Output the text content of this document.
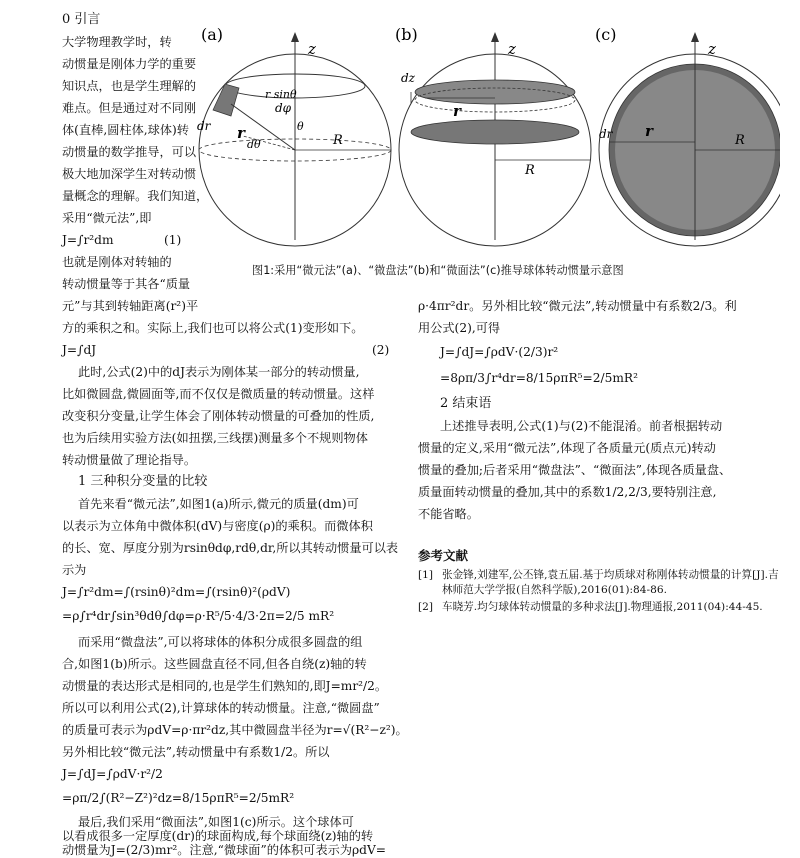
0 引言
大学物理教学时，转
动惯量是刚体力学的重要
知识点，也是学生理解的
难点。但是通过对不同刚
体(直棒,圆柱体,球体)转
动惯量的数学推导，可以
极大地加深学生对转动惯
量概念的理解。我们知道，
采用“微元法”,即
J=∫r²dm	(1)
也就是刚体对转轴的
转动惯量等于其各“质量
元”与其到转轴距离(r²)平
方的乘积之和。实际上,我们也可以将公式(1)变形如下。
J=∫dJ	(2)
此时,公式(2)中的dJ表示为刚体某一部分的转动惯量,
比如微圆盘,微圆面等,而不仅仅是微质量的转动惯量。这样
改变积分变量,让学生体会了刚体转动惯量的可叠加的性质,
也为后续用实验方法(如扭摆,三线摆)测量多个不规则物体
转动惯量做了理论指导。
1 三种积分变量的比较
首先来看“微元法”,如图1(a)所示,微元的质量(dm)可
以表示为立体角中微体积(dV)与密度(ρ)的乘积。而微体积
的长、宽、厚度分别为rsinθdφ,rdθ,dr,所以其转动惯量可以表
示为
J=∫r²dm=∫(rsinθ)²dm=∫(rsinθ)²(ρdV)
=ρ∫r⁴dr∫sin³θdθ∫dφ=ρ·R⁵/5·4/3·2π=2/5 mR²
而采用“微盘法”,可以将球体的体积分成很多圆盘的组
合,如图1(b)所示。这些圆盘直径不同,但各自绕(z)轴的转
动惯量的表达形式是相同的,也是学生们熟知的,即J=mr²/2。
所以可以利用公式(2),计算球体的转动惯量。注意,“微圆盘”
的质量可表示为ρdV=ρ·πr²dz,其中微圆盘半径为r=√(R²−z²)。
另外相比较“微元法”,转动惯量中有系数1/2。所以
J=∫dJ=∫ρdV·r²/2
=ρπ/2∫(R²−Z²)²dz=8/15ρπR⁵=2/5mR²
最后,我们采用“微面法”,如图1(c)所示。这个球体可
以看成很多一定厚度(dr)的球面构成,每个球面绕(z)轴的转
动惯量为J=(2/3)mr²。注意,“微球面”的体积可表示为ρdV=
(a)
z
R
r sinθ
dφ
θ
r
dθ
dr
(b)
z
r
R
dz
(c)
z
r
R
dr
图1:采用“微元法”(a)、“微盘法”(b)和“微面法”(c)推导球体转动惯量示意图
ρ·4πr²dr。另外相比较“微元法”,转动惯量中有系数2/3。利
用公式(2),可得
J=∫dJ=∫ρdV·(2/3)r²
=8ρπ/3∫r⁴dr=8/15ρπR⁵=2/5mR²
2 结束语
上述推导表明,公式(1)与(2)不能混淆。前者根据转动
惯量的定义,采用“微元法”,体现了各质量元(质点元)转动
惯量的叠加;后者采用“微盘法”、“微面法”,体现各质量盘、
质量面转动惯量的叠加,其中的系数1/2,2/3,要特别注意,
不能省略。
参考文献
[1] 张金锋,刘建军,公丕锋,袁五届.基于均质球对称刚体转动惯量的计算[J].吉
林师范大学学报(自然科学版),2016(01):84-86.
[2] 车晓芳.均匀球体转动惯量的多种求法[J].物理通报,2011(04):44-45.
